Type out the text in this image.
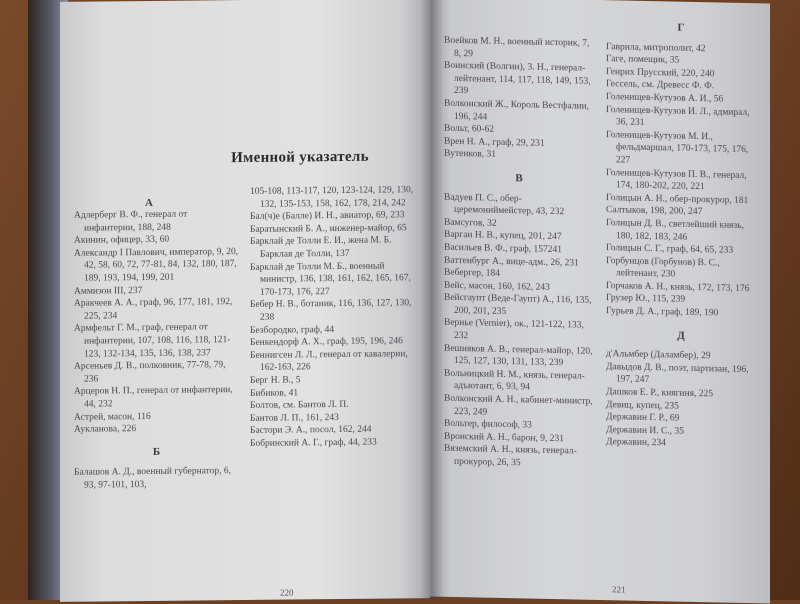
Именной указатель
А
Адлерберг В. Ф., генерал от инфантерии, 188, 248
Акинин, офицер, 33, 60
Александр I Павлович, император, 9, 20, 42, 58, 60, 72, 77-81, 84, 132, 180, 187, 189, 193, 194, 199, 201
Аммизон III, 237
Аракчеев А. А., граф, 96, 177, 181, 192, 225, 234
Армфельт Г. М., граф, генерал от инфантерии, 107, 108, 116, 118, 121-123, 132-134, 135, 136, 138, 237
Арсеньев Д. В., полковник, 77-78, 79, 236
Арцеров Н. П., генерал от инфантерии, 44, 232
Астрей, масон, 116
Аукланова, 226
Б
Балашов А. Д., военный губернатор, 6, 93, 97-101, 103,
105-108, 113-117, 120, 123-124, 129, 130, 132, 135-153, 158, 162, 178, 214, 242
Бал(ч)е (Балле) И. Н., авиатор, 69, 233
Баратынский Б. А., инженер-майор, 65
Барклай де Толли Е. И., жена М. Б. Барклая де Толли, 137
Барклай де Толли М. Б., военный министр, 136, 138, 161, 162, 165, 167, 170-173, 176, 227
Бебер Н. В., ботаник, 116, 136, 127, 130, 238
Безбородко, граф, 44
Бенкендорф А. Х., граф, 195, 196, 246
Беннигсен Л. Л., генерал от кавалерии, 162-163, 226
Берг Н. В., 5
Бибиков, 41
Болтов, см. Бантов Л. П.
Бантов Л. П., 161, 243
Бастори Э. А., посол, 162, 244
Бобринский А. Г., граф, 44, 233
220
Воейков М. Н., военный историк, 7, 8, 29
Воинский (Волгин), 3. Н., генерал-лейтенант, 114, 117, 118, 149, 153, 239
Волконский Ж., Король Вестфалии, 196, 244
Вольт, 60-62
Врен Н. А., граф, 29, 231
Вутенков, 31
В
Вадуев П. С., обер-церемониймейстер, 43, 232
Вамсугов, 32
Варган Н. В., купец, 201, 247
Васильев В. Ф., граф, 157241
Ваттенбург А., вице-адм., 26, 231
Вебергер, 184
Вейс, масон, 160, 162, 243
Вейсгаупт (Веде-Гаупт) А., 116, 135, 200, 201, 235
Вернье (Vernier), ок., 121-122, 133, 232
Вешняков А. В., генерал-майор, 120, 125, 127, 130, 131, 133, 239
Вольницкий Н. М., князь, генерал-адъютант, 6, 93, 94
Волконский А. Н., кабинет-министр, 223, 249
Вольтер, философ, 33
Вронский А. Н., барон, 9, 231
Вяземский А. Н., князь, генерал-прокурор, 26, 35
Г
Гаврила, митрополит, 42
Гаге, помещик, 35
Генрих Прусский, 220, 240
Гессель, см. Древесс Ф. Ф.
Голенищев-Кутузов А. И., 56
Голенищев-Кутузов И. Л., адмирал, 36, 231
Голенищев-Кутузов М. И., фельдмаршал, 170-173, 175, 176, 227
Голенищев-Кутузов П. В., генерал, 174, 180-202, 220, 221
Голицын А. Н., обер-прокурор, 181
Салтыков, 198, 200, 247
Голицын Д. В., светлейший князь, 180, 182, 183, 246
Голицын С. Г., граф, 64, 65, 233
Горбунцов (Горбунов) В. С., лейтенант, 230
Горчаков А. Н., князь, 172, 173, 176
Грузер Ю., 115, 239
Гурьев Д. А., граф, 189, 190
Д
д'Альмбер (Даламбер), 29
Давыдов Д. В., поэт, партизан, 196, 197, 247
Дашков Е. Р., княгиня, 225
Девиц, купец, 235
Державин Г. Р., 69
Державин И. С., 35
Державин, 234
221
